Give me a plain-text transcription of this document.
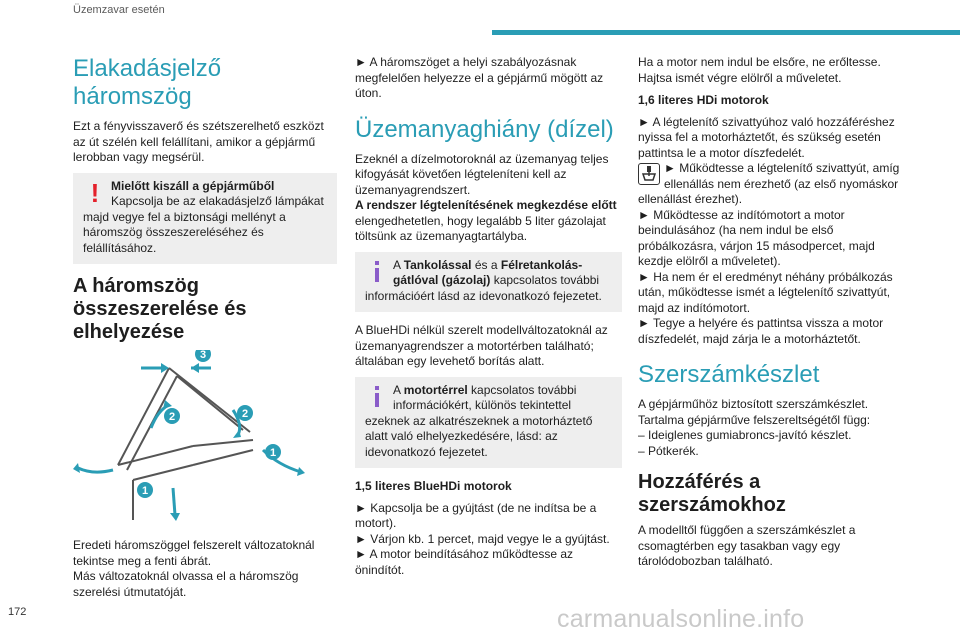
Üzemzavar esetén
Elakadásjelző háromszög

Ezt a fényvisszaverő és szétszerelhető eszközt az út szélén kell felállítani, amikor a gépjármű lerobban vagy megsérül.

! Mielőtt kiszáll a gépjárműből Kapcsolja be az elakadásjelző lámpákat majd vegye fel a biztonsági mellényt a háromszög összeszereléséhez és felállításához.
A háromszög összeszerelése és elhelyezése
3
2	2
1
1

Eredeti háromszöggel felszerelt változatoknál tekintse meg a fenti ábrát.

Más változatoknál olvassa el a háromszög szerelési útmutatóját.

► A háromszöget a helyi szabályozásnak megfelelően helyezze el a gépjármű mögött az úton.

Üzemanyaghiány (dízel)

Ezeknél a dízelmotoroknál az üzemanyag teljes kifogyását követően légteleníteni kell az üzemanyagrendszert.

A rendszer légtelenítésének megkezdése előtt elengedhetetlen, hogy legalább 5 liter gázolajat töltsünk az üzemanyagtartályba.

A Tankolással és a Félretankolás-gátlóval (gázolaj) kapcsolatos további információért lásd az idevonatkozó fejezetet.

A BlueHDi nélkül szerelt modellváltozatoknál az üzemanyagrendszer a motortérben található; általában egy levehető borítás alatt.

A motortérrel kapcsolatos további információkért, különös tekintettel ezeknek az alkatrészeknek a motorháztető alatt való elhelyezkedésére, lásd: az idevonatkozó fejezetet.
1,5 literes BlueHDi motorok

► Kapcsolja be a gyújtást (de ne indítsa be a motort).

► Várjon kb. 1 percet, majd vegye le a gyújtást.

► A motor beindításához működtesse az önindítót.

Ha a motor nem indul be elsőre, ne erőltesse. Hajtsa ismét végre elölről a műveletet.

1,6 literes HDi motorok

► A légtelenítő szivattyúhoz való hozzáféréshez nyissa fel a motorháztetőt, és szükség esetén pattintsa le a motor díszfedelét.

► Működtesse a légtelenítő szivattyút, amíg ellenállás nem érezhető (az első nyomáskor ellenállást érezhet).

► Működtesse az indítómotort a motor beindulásához (ha nem indul be első próbálkozásra, várjon 15 másodpercet, majd kezdje elölről a műveletet).

► Ha nem ér el eredményt néhány próbálkozás után, működtesse ismét a légtelenítő szivattyút, majd az indítómotort.

► Tegye a helyére és pattintsa vissza a motor díszfedelét, majd zárja le a motorháztetőt.

Szerszámkészlet

A gépjárműhöz biztosított szerszámkészlet.

Tartalma gépjárműve felszereltségétől függ:

– Ideiglenes gumiabroncs-javító készlet.

– Pótkerék.

Hozzáférés a szerszámokhoz

A modelltől függően a szerszámkészlet a csomagtérben egy tasakban vagy egy tárolódobozban található.

172	carmanualsonline.info
